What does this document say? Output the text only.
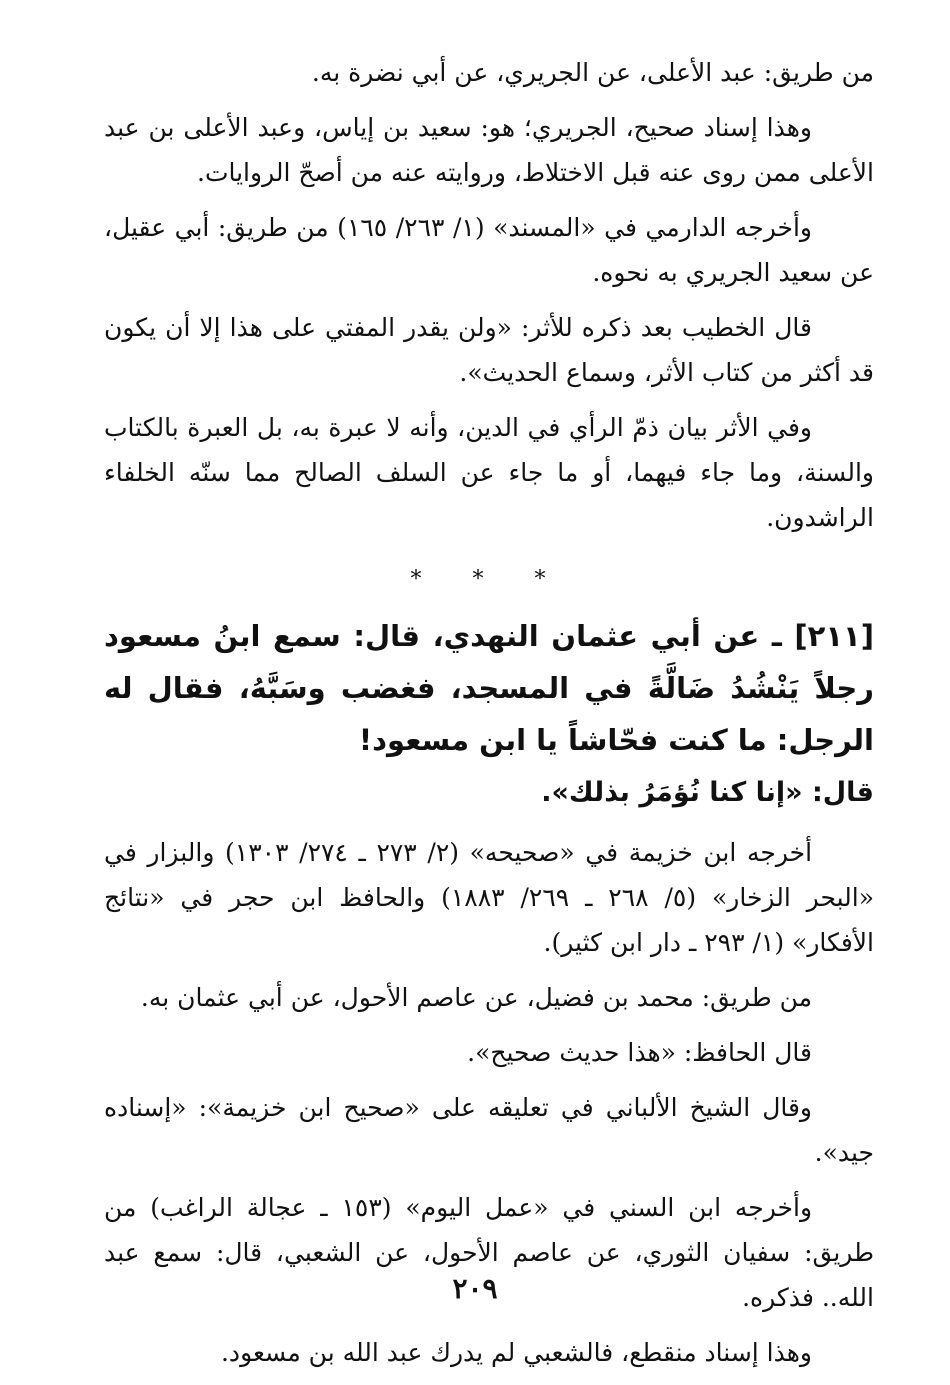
من طريق: عبد الأعلى، عن الجريري، عن أبي نضرة به.

وهذا إسناد صحيح، الجريري؛ هو: سعيد بن إياس، وعبد الأعلى بن عبد الأعلى ممن روى عنه قبل الاختلاط، وروايته عنه من أصحّ الروايات.

وأخرجه الدارمي في «المسند» (١/ ٢٦٣/ ١٦٥) من طريق: أبي عقيل، عن سعيد الجريري به نحوه.

قال الخطيب بعد ذكره للأثر: «ولن يقدر المفتي على هذا إلا أن يكون قد أكثر من كتاب الأثر، وسماع الحديث».

وفي الأثر بيان ذمّ الرأي في الدين، وأنه لا عبرة به، بل العبرة بالكتاب والسنة، وما جاء فيهما، أو ما جاء عن السلف الصالح مما سنّه الخلفاء الراشدون.

* * *

[٢١١] ـ عن أبي عثمان النهدي، قال: سمع ابنُ مسعود رجلاً يَنْشُدُ ضَالَّةً في المسجد، فغضب وسَبَّهُ، فقال له الرجل: ما كنت فحّاشاً يا ابن مسعود!

قال: «إنا كنا نُؤمَرُ بذلك».

أخرجه ابن خزيمة في «صحيحه» (٢/ ٢٧٣ ـ ٢٧٤/ ١٣٠٣) والبزار في «البحر الزخار» (٥/ ٢٦٨ ـ ٢٦٩/ ١٨٨٣) والحافظ ابن حجر في «نتائج الأفكار» (١/ ٢٩٣ ـ دار ابن كثير).

من طريق: محمد بن فضيل، عن عاصم الأحول، عن أبي عثمان به.

قال الحافظ: «هذا حديث صحيح».

وقال الشيخ الألباني في تعليقه على «صحيح ابن خزيمة»: «إسناده جيد».

وأخرجه ابن السني في «عمل اليوم» (١٥٣ ـ عجالة الراغب) من طريق: سفيان الثوري، عن عاصم الأحول، عن الشعبي، قال: سمع عبد الله.. فذكره.

وهذا إسناد منقطع، فالشعبي لم يدرك عبد الله بن مسعود.

٢٠٩
